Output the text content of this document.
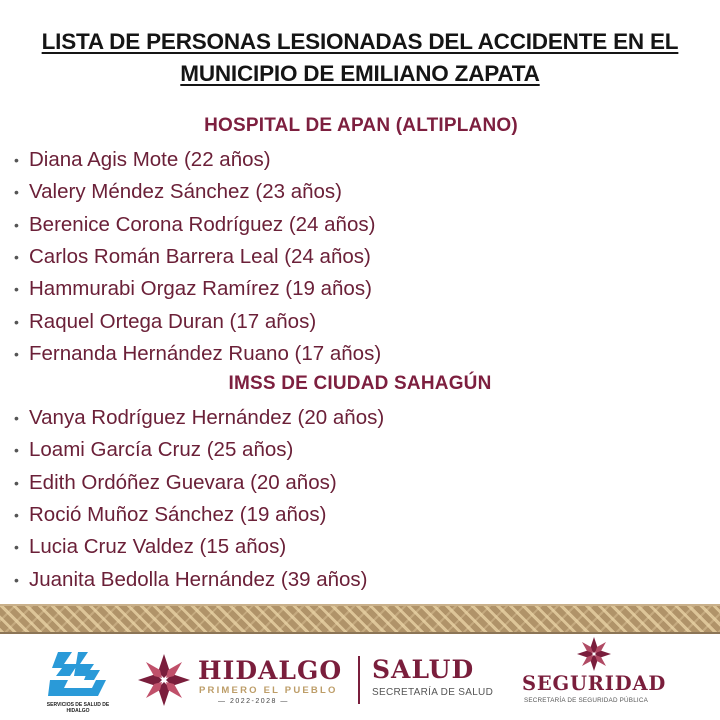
LISTA DE PERSONAS LESIONADAS DEL ACCIDENTE EN EL
MUNICIPIO DE EMILIANO ZAPATA
HOSPITAL DE APAN (ALTIPLANO)
• Diana Agis Mote (22 años)
• Valery Méndez Sánchez (23 años)
• Berenice Corona Rodríguez (24 años)
• Carlos Román Barrera Leal (24 años)
• Hammurabi Orgaz Ramírez (19 años)
• Raquel Ortega Duran (17 años)
• Fernanda Hernández Ruano (17 años)
IMSS DE CIUDAD SAHAGÚN
• Vanya Rodríguez Hernández (20 años)
• Loami García Cruz (25 años)
• Edith Ordóñez Guevara (20 años)
• Roció Muñoz Sánchez (19 años)
• Lucia Cruz Valdez (15 años)
• Juanita Bedolla Hernández (39 años)
SERVICIOS DE SALUD DE HIDALGO
HIDALGO
PRIMERO EL PUEBLO
— 2022-2028 —
SALUD
SECRETARÍA DE SALUD	SEGURIDAD
SECRETARÍA DE SEGURIDAD PÚBLICA
